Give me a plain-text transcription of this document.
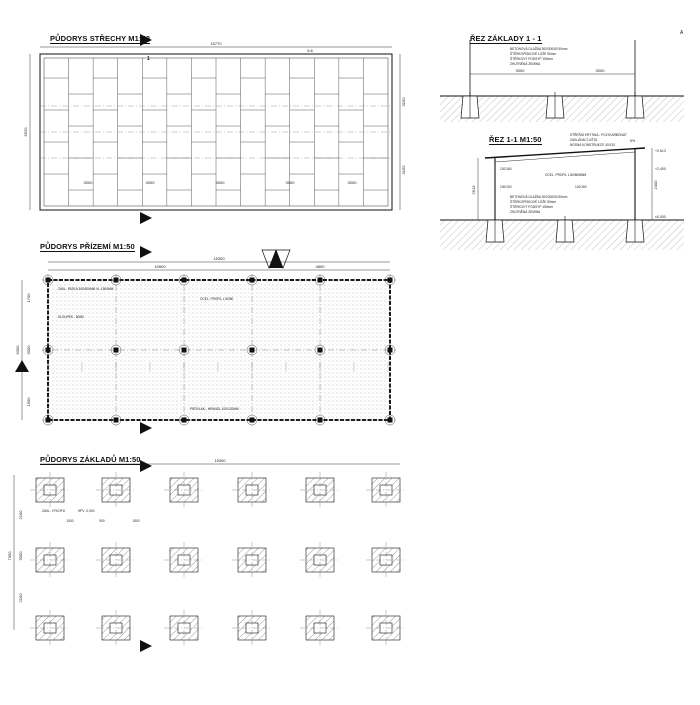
PŮDORYS STŘECHY M1:50
PŮDORYS PŘÍZEMÍ M1:50
PŮDORYS ZÁKLADŮ M1:50
ŘEZ ZÁKLADY 1 - 1
ŘEZ 1-1 M1:50
15770
5.6
6920
3150
3150
3000	3000	3000	3000	3000
1
15300
10500	4800
6300
1700
3000
1600
ZÁKL. PATKA 300/300MM VL.1500MM
SLOUPEK - 80/80
OCEL. PROFIL L 80/80
PRŮVLAK - HRANOL 100/120MM
15300
7350
2100
3000
2100
ZAKL. VÝKOPU	HPV -0,300
1500	900	1500
BETONOVÁ DLAŽBA 300/300/50 50mm
ŠTĚRKOPÍSKOVÉ LOŽE 50mm
ŠTĚRKOVÝ PODSYP 150mm
ZHUTNĚNÁ ZEMINA
3000	3000
A
STŘEŠNÍ KRYTINA - POLYKARBONÁT
ZAKLÁDACÍ LIŠTA
NOSNÁ KONSTRUKCE 40/120
5%
BETONOVÁ DLAŽBA 300/300/50 50mm
ŠTĚRKOPÍSKOVÉ LOŽE 50mm
ŠTĚRKOVÝ PODSYP 150mm
ZHUTNĚNÁ ZEMINA
120/160
OCEL. PROFIL L 80/80/8MM
100/100	120/160
2613
2400
+2,613
+2,400
±0,000
